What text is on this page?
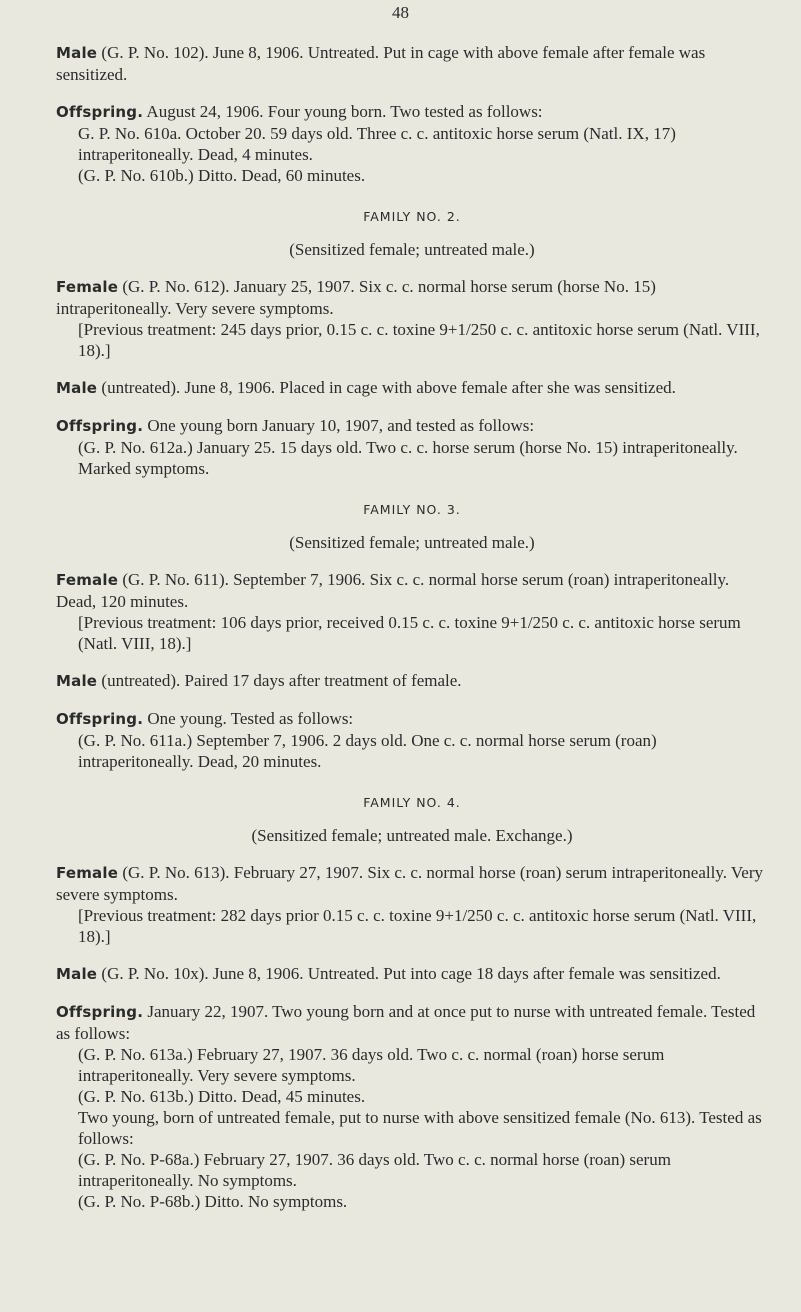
48

Male (G. P. No. 102). June 8, 1906. Untreated. Put in cage with above female after female was sensitized.

Offspring. August 24, 1906. Four young born. Two tested as follows:

G. P. No. 610a. October 20. 59 days old. Three c. c. antitoxic horse serum (Natl. IX, 17) intraperitoneally. Dead, 4 minutes.

(G. P. No. 610b.) Ditto. Dead, 60 minutes.

FAMILY NO. 2.
(Sensitized female; untreated male.)

Female (G. P. No. 612). January 25, 1907. Six c. c. normal horse serum (horse No. 15) intraperitoneally. Very severe symptoms.

[Previous treatment: 245 days prior, 0.15 c. c. toxine 9+1/250 c. c. antitoxic horse serum (Natl. VIII, 18).]

Male (untreated). June 8, 1906. Placed in cage with above female after she was sensitized.

Offspring. One young born January 10, 1907, and tested as follows:

(G. P. No. 612a.) January 25. 15 days old. Two c. c. horse serum (horse No. 15) intraperitoneally. Marked symptoms.

FAMILY NO. 3.
(Sensitized female; untreated male.)

Female (G. P. No. 611). September 7, 1906. Six c. c. normal horse serum (roan) intraperitoneally. Dead, 120 minutes.

[Previous treatment: 106 days prior, received 0.15 c. c. toxine 9+1/250 c. c. antitoxic horse serum (Natl. VIII, 18).]

Male (untreated). Paired 17 days after treatment of female.

Offspring. One young. Tested as follows:

(G. P. No. 611a.) September 7, 1906. 2 days old. One c. c. normal horse serum (roan) intraperitoneally. Dead, 20 minutes.

FAMILY NO. 4.
(Sensitized female; untreated male. Exchange.)

Female (G. P. No. 613). February 27, 1907. Six c. c. normal horse (roan) serum intraperitoneally. Very severe symptoms.

[Previous treatment: 282 days prior 0.15 c. c. toxine 9+1/250 c. c. antitoxic horse serum (Natl. VIII, 18).]

Male (G. P. No. 10x). June 8, 1906. Untreated. Put into cage 18 days after female was sensitized.

Offspring. January 22, 1907. Two young born and at once put to nurse with untreated female. Tested as follows:

(G. P. No. 613a.) February 27, 1907. 36 days old. Two c. c. normal (roan) horse serum intraperitoneally. Very severe symptoms.

(G. P. No. 613b.) Ditto. Dead, 45 minutes.

Two young, born of untreated female, put to nurse with above sensitized female (No. 613). Tested as follows:

(G. P. No. P-68a.) February 27, 1907. 36 days old. Two c. c. normal horse (roan) serum intraperitoneally. No symptoms.

(G. P. No. P-68b.) Ditto. No symptoms.
